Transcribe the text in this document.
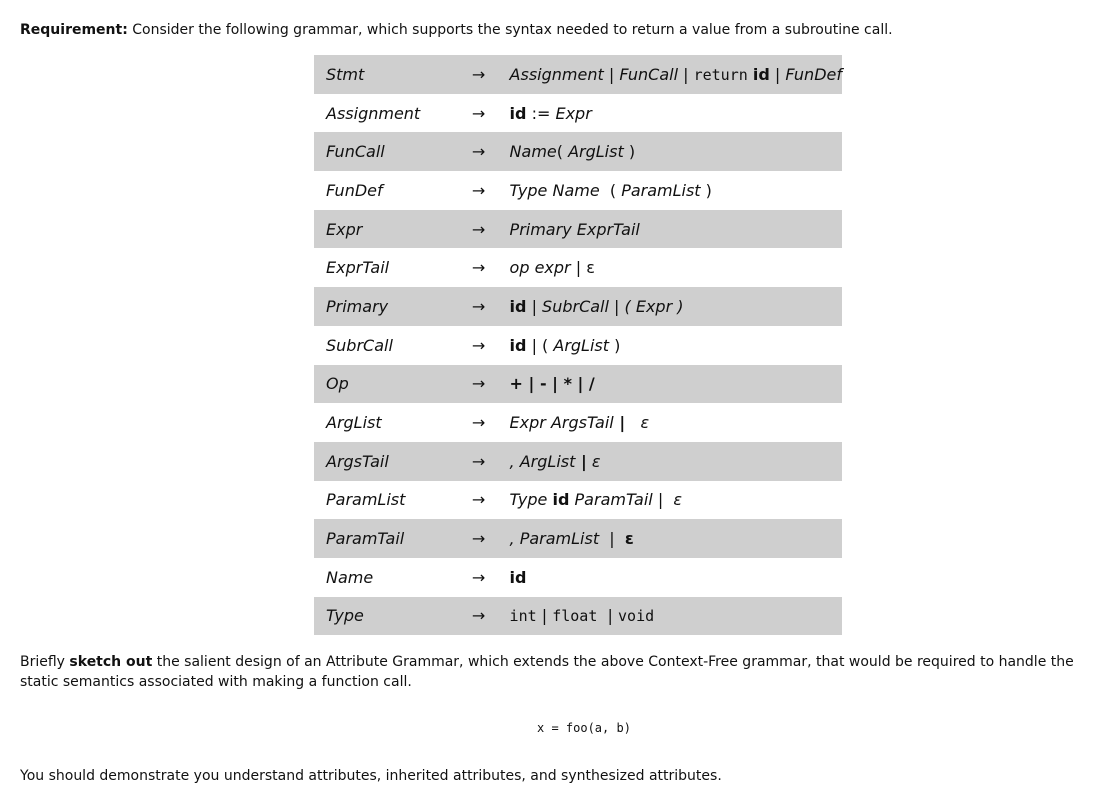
Requirement: Consider the following grammar, which supports the syntax needed to return a value from a subroutine call.
Stmt	→	Assignment | FunCall | return id | FunDef
Assignment	→	id := Expr
FunCall	→	Name( ArgList )
FunDef	→	Type Name  ( ParamList )
Expr	→	Primary ExprTail
ExprTail	→	op expr | ε
Primary	→	id | SubrCall | ( Expr )
SubrCall	→	id | ( ArgList )
Op	→	+ | - | * | /
ArgList	→	Expr ArgsTail | ε
ArgsTail	→	, ArgList | ε
ParamList	→	Type id ParamTail |  ε
ParamTail	→	, ParamList  |  ε
Name	→	id
Type	→	int | float  | void
Briefly sketch out the salient design of an Attribute Grammar, which extends the above Context-Free grammar, that would be required to handle the static semantics associated with making a function call.
x = foo(a, b)
You should demonstrate you understand attributes, inherited attributes, and synthesized attributes.
